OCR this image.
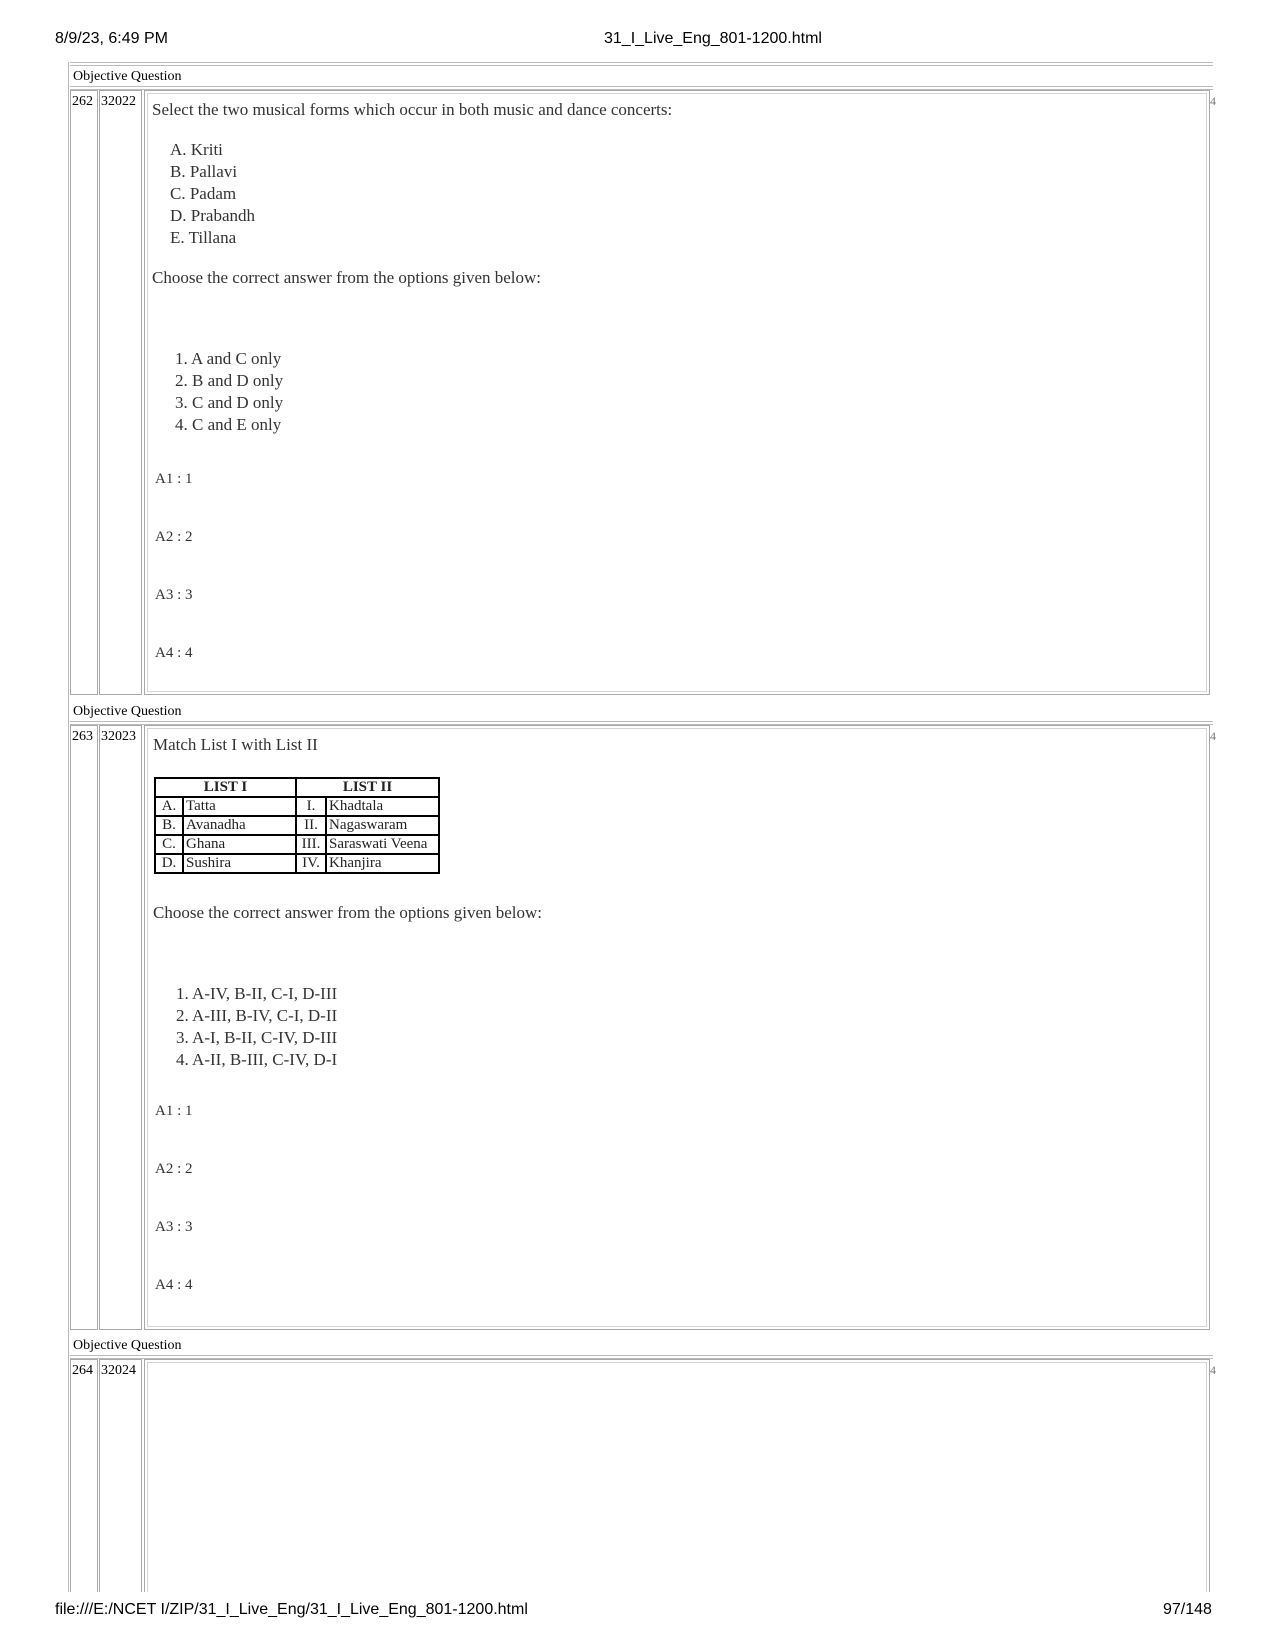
8/9/23, 6:49 PM	31_I_Live_Eng_801-1200.html
Objective Question
262 32022	4
Select the two musical forms which occur in both music and dance concerts:
A. Kriti
B. Pallavi
C. Padam
D. Prabandh
E. Tillana
Choose the correct answer from the options given below:
1. A and C only
2. B and D only
3. C and D only
4. C and E only
A1 : 1
A2 : 2
A3 : 3
A4 : 4
Objective Question
263 32023	4
Match List I with List II
LIST I		LIST II	
A.	Tatta	I.	Khadtala
B.	Avanadha	II.	Nagaswaram
C.	Ghana	III.	Saraswati Veena
D.	Sushira	IV.	Khanjira
Choose the correct answer from the options given below:
1. A-IV, B-II, C-I, D-III
2. A-III, B-IV, C-I, D-II
3. A-I, B-II, C-IV, D-III
4. A-II, B-III, C-IV, D-I
A1 : 1
A2 : 2
A3 : 3
A4 : 4
Objective Question
264 32024	4
file:///E:/NCET I/ZIP/31_I_Live_Eng/31_I_Live_Eng_801-1200.html	97/148
